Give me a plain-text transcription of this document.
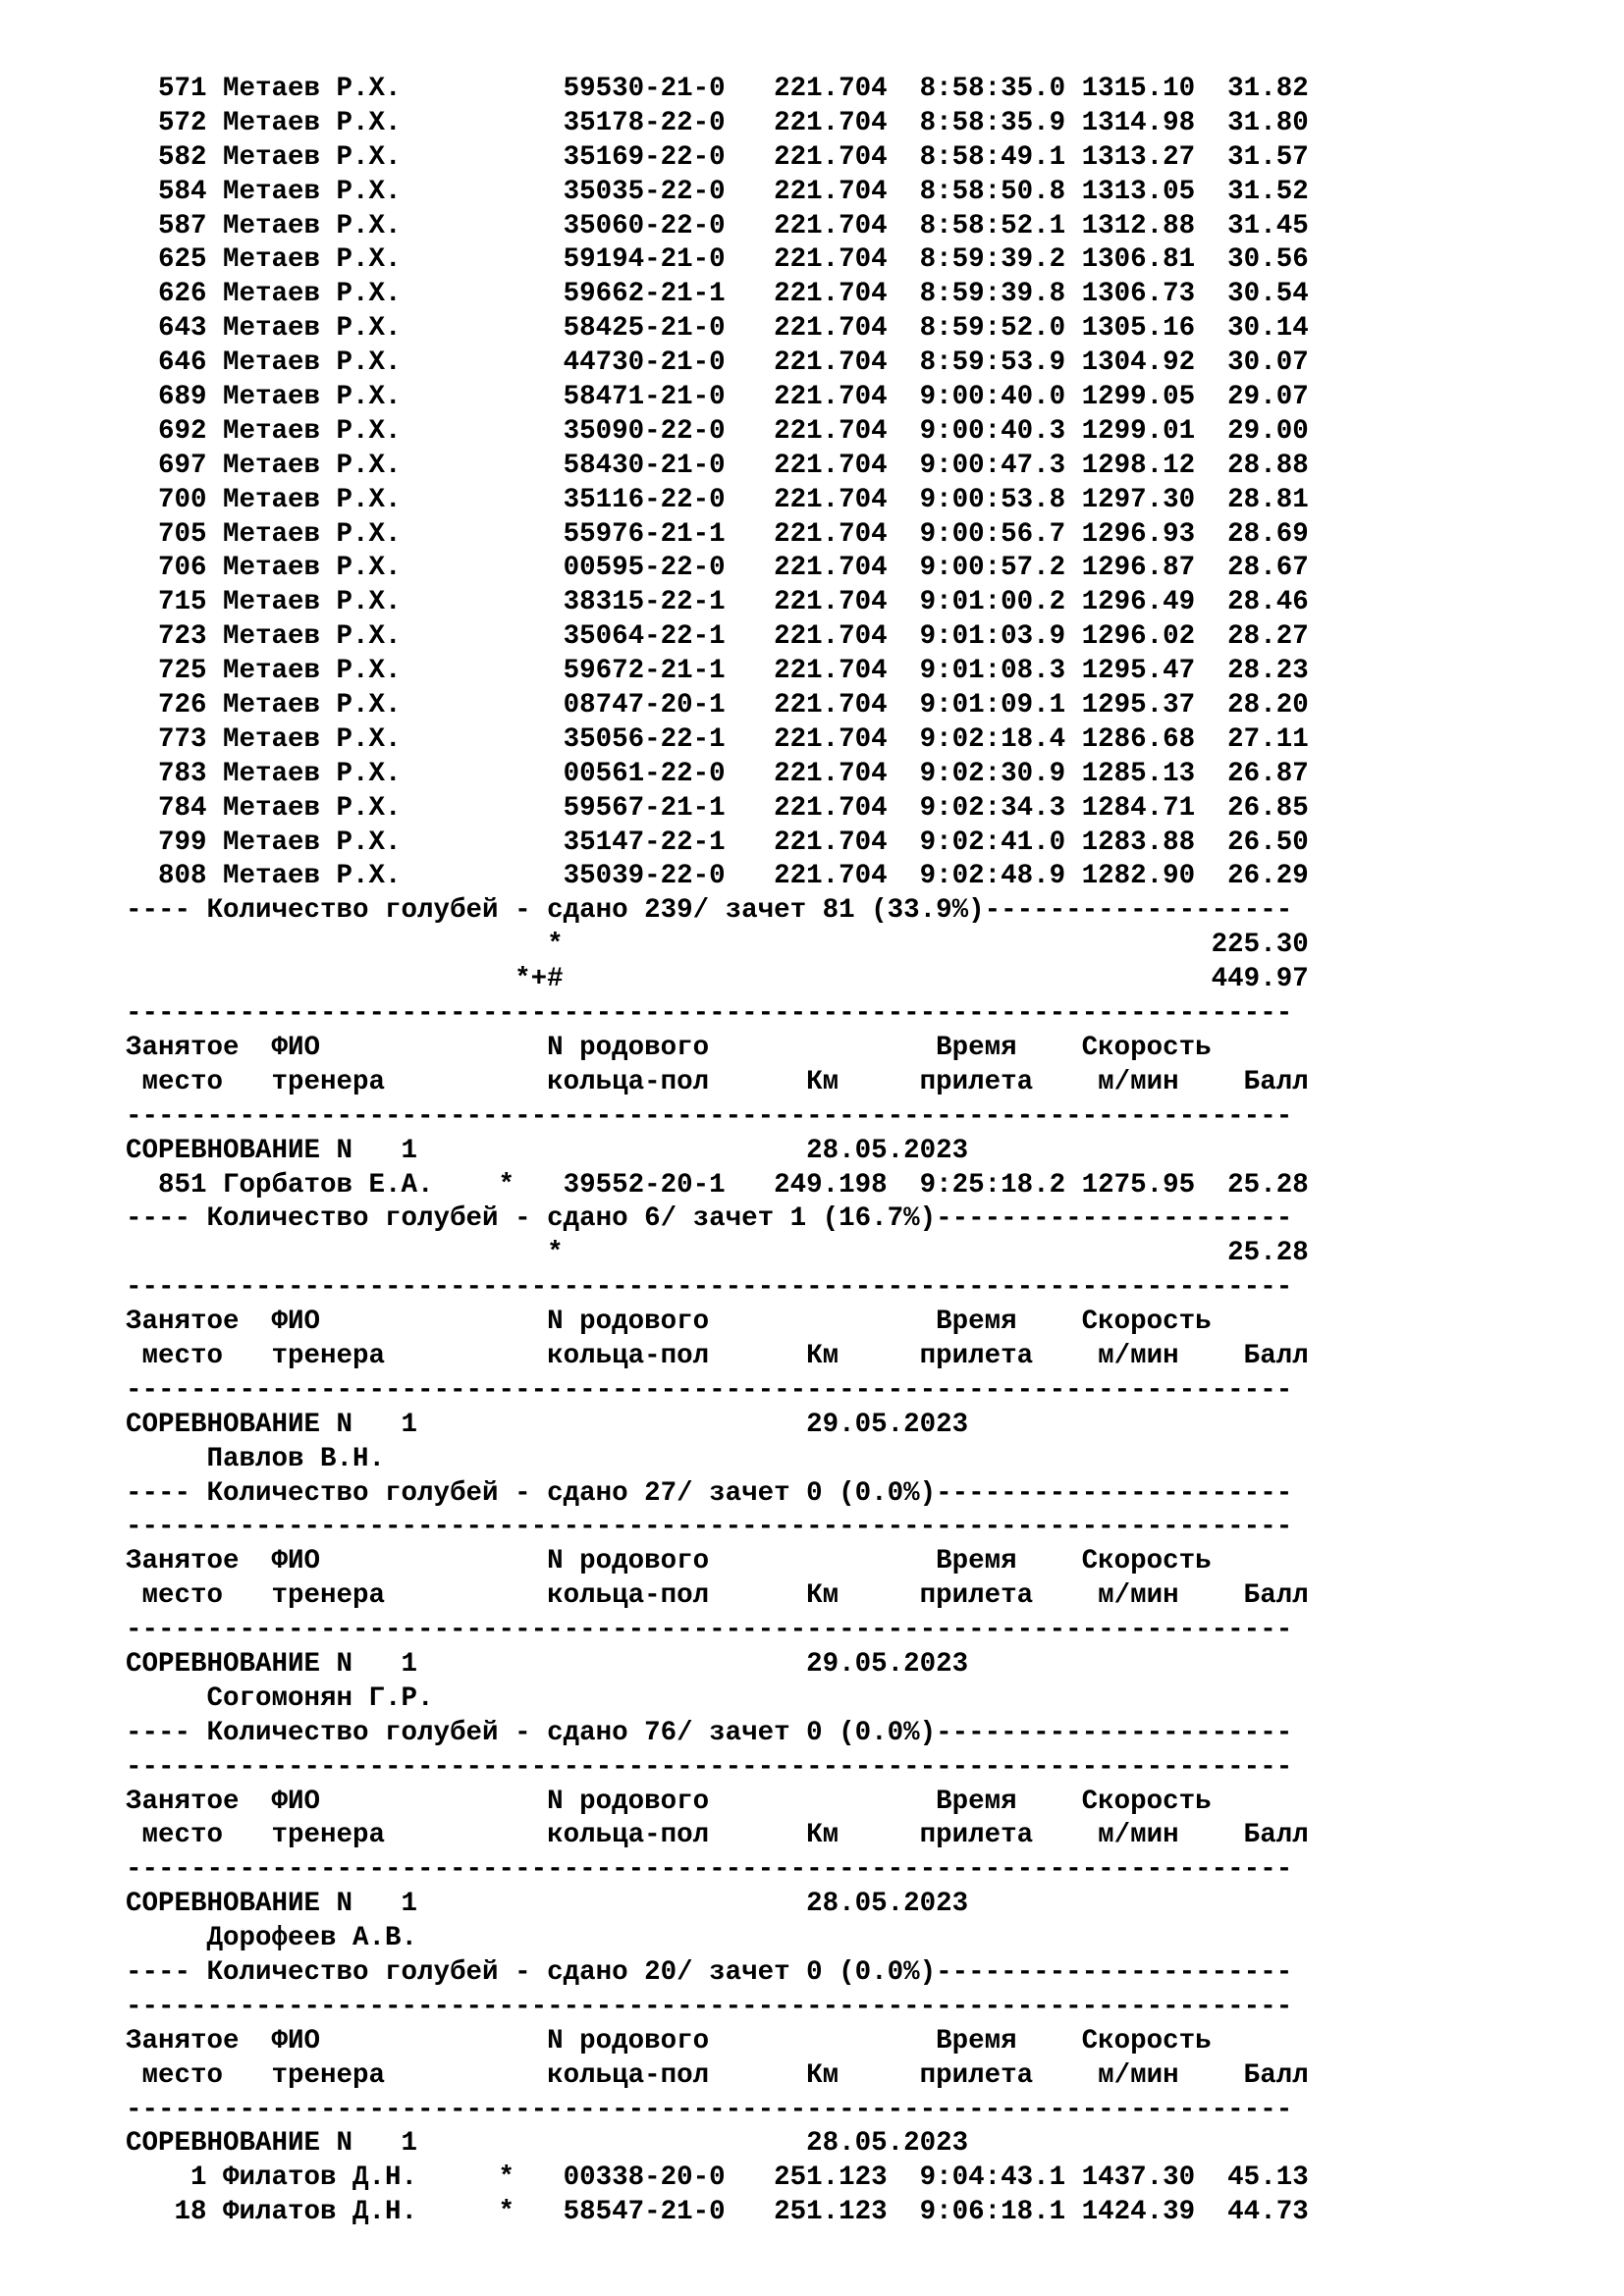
571 Метаев Р.Х.          59530-21-0   221.704  8:58:35.0 1315.10  31.82
572 Метаев Р.Х.          35178-22-0   221.704  8:58:35.9 1314.98  31.80
582 Метаев Р.Х.          35169-22-0   221.704  8:58:49.1 1313.27  31.57
584 Метаев Р.Х.          35035-22-0   221.704  8:58:50.8 1313.05  31.52
587 Метаев Р.Х.          35060-22-0   221.704  8:58:52.1 1312.88  31.45
625 Метаев Р.Х.          59194-21-0   221.704  8:59:39.2 1306.81  30.56
626 Метаев Р.Х.          59662-21-1   221.704  8:59:39.8 1306.73  30.54
643 Метаев Р.Х.          58425-21-0   221.704  8:59:52.0 1305.16  30.14
646 Метаев Р.Х.          44730-21-0   221.704  8:59:53.9 1304.92  30.07
689 Метаев Р.Х.          58471-21-0   221.704  9:00:40.0 1299.05  29.07
692 Метаев Р.Х.          35090-22-0   221.704  9:00:40.3 1299.01  29.00
697 Метаев Р.Х.          58430-21-0   221.704  9:00:47.3 1298.12  28.88
700 Метаев Р.Х.          35116-22-0   221.704  9:00:53.8 1297.30  28.81
705 Метаев Р.Х.          55976-21-1   221.704  9:00:56.7 1296.93  28.69
706 Метаев Р.Х.          00595-22-0   221.704  9:00:57.2 1296.87  28.67
715 Метаев Р.Х.          38315-22-1   221.704  9:01:00.2 1296.49  28.46
723 Метаев Р.Х.          35064-22-1   221.704  9:01:03.9 1296.02  28.27
725 Метаев Р.Х.          59672-21-1   221.704  9:01:08.3 1295.47  28.23
726 Метаев Р.Х.          08747-20-1   221.704  9:01:09.1 1295.37  28.20
773 Метаев Р.Х.          35056-22-1   221.704  9:02:18.4 1286.68  27.11
783 Метаев Р.Х.          00561-22-0   221.704  9:02:30.9 1285.13  26.87
784 Метаев Р.Х.          59567-21-1   221.704  9:02:34.3 1284.71  26.85
799 Метаев Р.Х.          35147-22-1   221.704  9:02:41.0 1283.88  26.50
808 Метаев Р.Х.          35039-22-0   221.704  9:02:48.9 1282.90  26.29
---- Количество голубей - сдано 239/ зачет 81 (33.9%)-------------------
*                                        225.30
*+#                                        449.97
------------------------------------------------------------------------
Занятое  ФИО              N родового              Время    Скорость
место   тренера          кольца-пол      Км     прилета    м/мин    Балл
------------------------------------------------------------------------
СОРЕВНОВАНИЕ N   1                        28.05.2023
851 Горбатов Е.А.    *   39552-20-1   249.198  9:25:18.2 1275.95  25.28
---- Количество голубей - сдано 6/ зачет 1 (16.7%)----------------------
*                                         25.28
------------------------------------------------------------------------
Занятое  ФИО              N родового              Время    Скорость
место   тренера          кольца-пол      Км     прилета    м/мин    Балл
------------------------------------------------------------------------
СОРЕВНОВАНИЕ N   1                        29.05.2023
Павлов В.Н.
---- Количество голубей - сдано 27/ зачет 0 (0.0%)----------------------
------------------------------------------------------------------------
Занятое  ФИО              N родового              Время    Скорость
место   тренера          кольца-пол      Км     прилета    м/мин    Балл
------------------------------------------------------------------------
СОРЕВНОВАНИЕ N   1                        29.05.2023
Согомонян Г.Р.
---- Количество голубей - сдано 76/ зачет 0 (0.0%)----------------------
------------------------------------------------------------------------
Занятое  ФИО              N родового              Время    Скорость
место   тренера          кольца-пол      Км     прилета    м/мин    Балл
------------------------------------------------------------------------
СОРЕВНОВАНИЕ N   1                        28.05.2023
Дорофеев А.В.
---- Количество голубей - сдано 20/ зачет 0 (0.0%)----------------------
------------------------------------------------------------------------
Занятое  ФИО              N родового              Время    Скорость
место   тренера          кольца-пол      Км     прилета    м/мин    Балл
------------------------------------------------------------------------
СОРЕВНОВАНИЕ N   1                        28.05.2023
1 Филатов Д.Н.     *   00338-20-0   251.123  9:04:43.1 1437.30  45.13
18 Филатов Д.Н.     *   58547-21-0   251.123  9:06:18.1 1424.39  44.73
